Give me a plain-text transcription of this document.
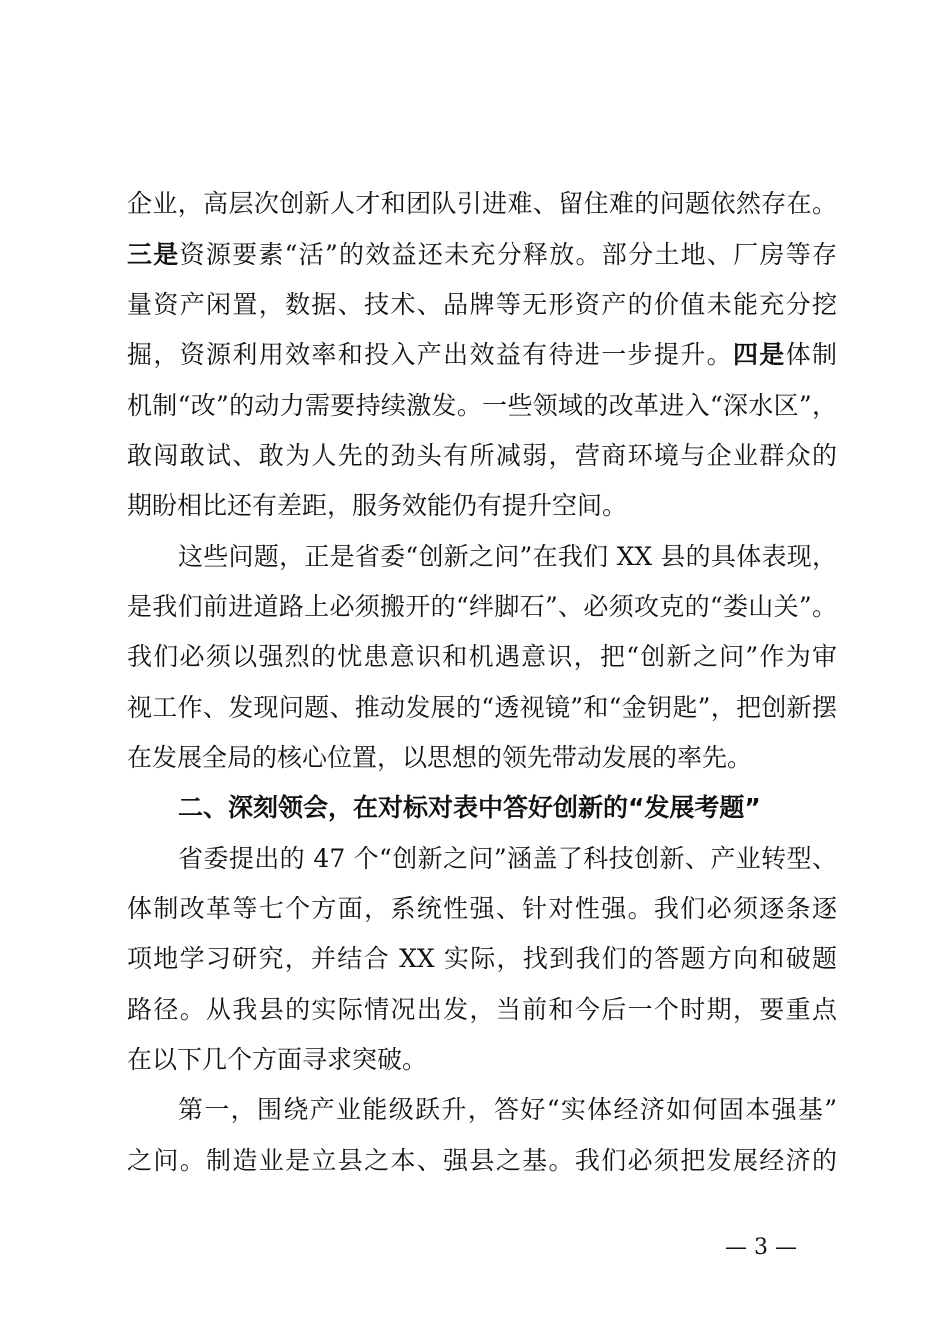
企业，高层次创新人才和团队引进难、留住难的问题依然存在。
三是资源要素“活”的效益还未充分释放。部分土地、厂房等存
量资产闲置，数据、技术、品牌等无形资产的价值未能充分挖
掘，资源利用效率和投入产出效益有待进一步提升。四是体制
机制“改”的动力需要持续激发。一些领域的改革进入“深水区”，
敢闯敢试、敢为人先的劲头有所减弱，营商环境与企业群众的
期盼相比还有差距，服务效能仍有提升空间。
这些问题，正是省委“创新之问”在我们 XX 县的具体表现，
是我们前进道路上必须搬开的“绊脚石”、必须攻克的“娄山关”。
我们必须以强烈的忧患意识和机遇意识，把“创新之问”作为审
视工作、发现问题、推动发展的“透视镜”和“金钥匙”，把创新摆
在发展全局的核心位置，以思想的领先带动发展的率先。
二、深刻领会，在对标对表中答好创新的“发展考题”
省委提出的 47 个“创新之问”涵盖了科技创新、产业转型、
体制改革等七个方面，系统性强、针对性强。我们必须逐条逐
项地学习研究，并结合 XX 实际，找到我们的答题方向和破题
路径。从我县的实际情况出发，当前和今后一个时期，要重点
在以下几个方面寻求突破。
第一，围绕产业能级跃升，答好“实体经济如何固本强基”
之问。制造业是立县之本、强县之基。我们必须把发展经济的
— 3 —
